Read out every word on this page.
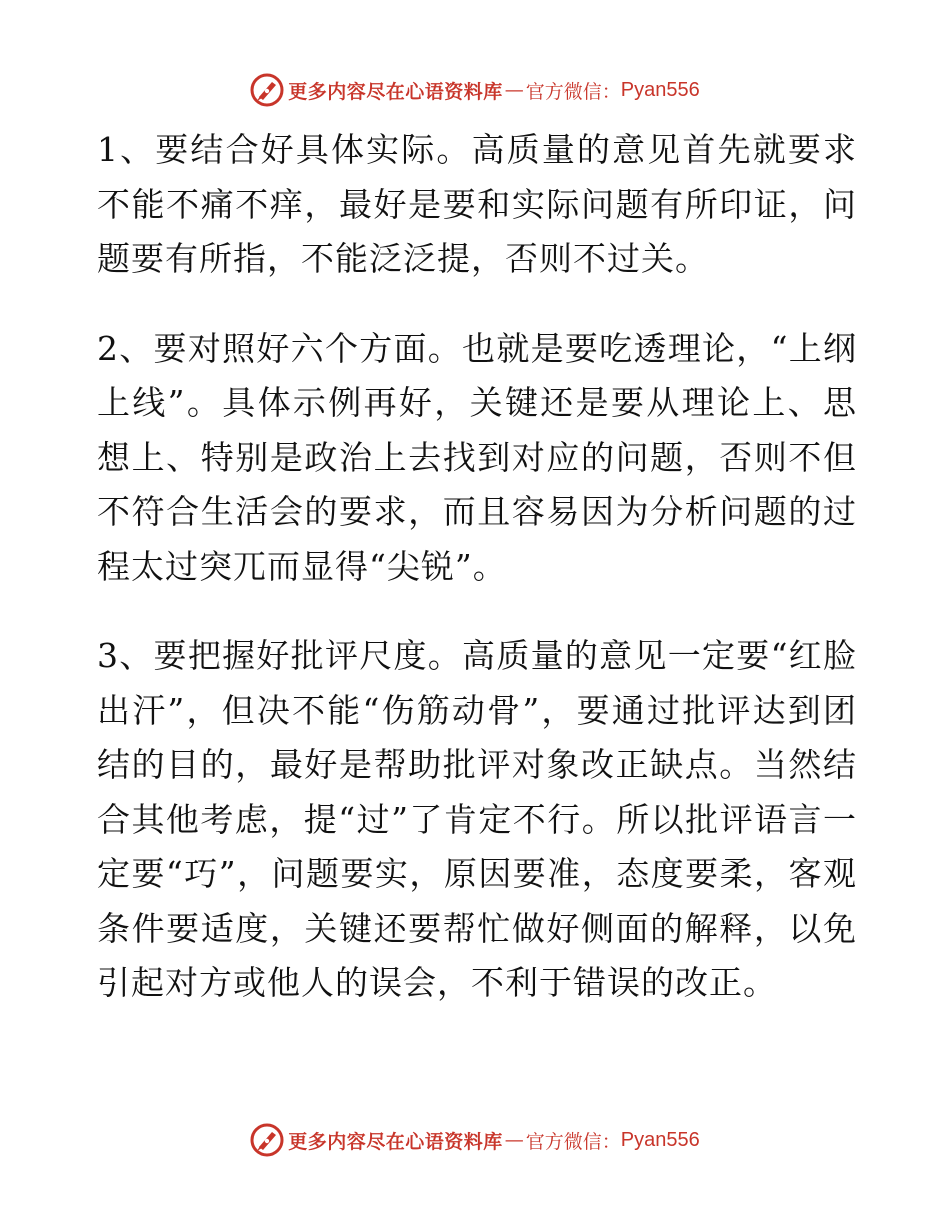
更多内容尽在心语资料库 — 官方微信： Pyan556

1、要结合好具体实际。高质量的意见首先就要求不能不痛不痒，最好是要和实际问题有所印证，问题要有所指，不能泛泛提，否则不过关。

2、要对照好六个方面。也就是要吃透理论，“上纲上线”。具体示例再好，关键还是要从理论上、思想上、特别是政治上去找到对应的问题，否则不但不符合生活会的要求，而且容易因为分析问题的过程太过突兀而显得“尖锐”。

3、要把握好批评尺度。高质量的意见一定要“红脸出汗”，但决不能“伤筋动骨”，要通过批评达到团结的目的，最好是帮助批评对象改正缺点。当然结合其他考虑，提“过”了肯定不行。所以批评语言一定要“巧”，问题要实，原因要准，态度要柔，客观条件要适度，关键还要帮忙做好侧面的解释，以免引起对方或他人的误会，不利于错误的改正。

更多内容尽在心语资料库 — 官方微信： Pyan556
